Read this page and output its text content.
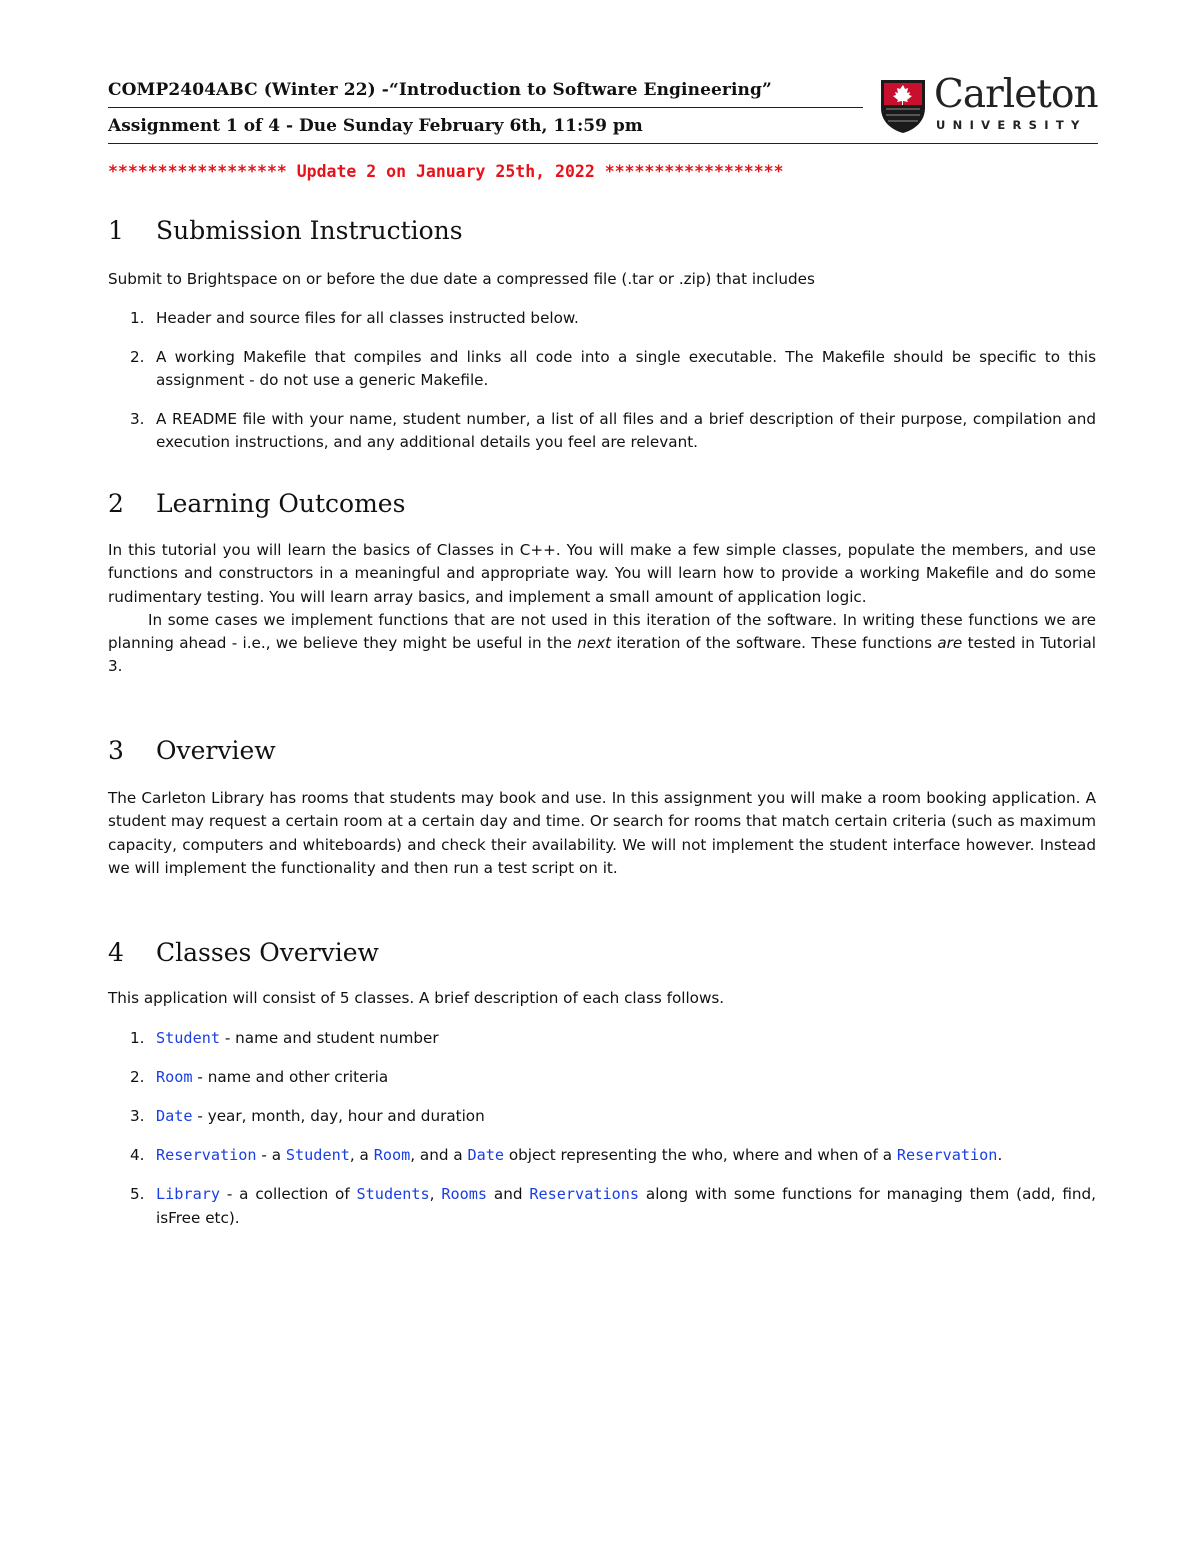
COMP2404ABC (Winter 22) -“Introduction to Software Engineering”
Assignment 1 of 4 - Due Sunday February 6th, 11:59 pm
Carleton
UNIVERSITY
****************** Update 2 on January 25th, 2022 ******************
1 Submission Instructions
Submit to Brightspace on or before the due date a compressed file (.tar or .zip) that includes
1. Header and source files for all classes instructed below.
2. A working Makefile that compiles and links all code into a single executable. The Makefile should be specific to this assignment - do not use a generic Makefile.
3. A README file with your name, student number, a list of all files and a brief description of their purpose, compilation and execution instructions, and any additional details you feel are relevant.
2 Learning Outcomes
In this tutorial you will learn the basics of Classes in C++. You will make a few simple classes, populate the members, and use functions and constructors in a meaningful and appropriate way. You will learn how to provide a working Makefile and do some rudimentary testing. You will learn array basics, and implement a small amount of application logic.
In some cases we implement functions that are not used in this iteration of the software. In writing these functions we are planning ahead - i.e., we believe they might be useful in the next iteration of the software. These functions are tested in Tutorial 3.
3 Overview
The Carleton Library has rooms that students may book and use. In this assignment you will make a room booking application. A student may request a certain room at a certain day and time. Or search for rooms that match certain criteria (such as maximum capacity, computers and whiteboards) and check their availability. We will not implement the student interface however. Instead we will implement the functionality and then run a test script on it.
4 Classes Overview
This application will consist of 5 classes. A brief description of each class follows.
1. Student - name and student number
2. Room - name and other criteria
3. Date - year, month, day, hour and duration
4. Reservation - a Student, a Room, and a Date object representing the who, where and when of a Reservation.
5. Library - a collection of Students, Rooms and Reservations along with some functions for managing them (add, find, isFree etc).
